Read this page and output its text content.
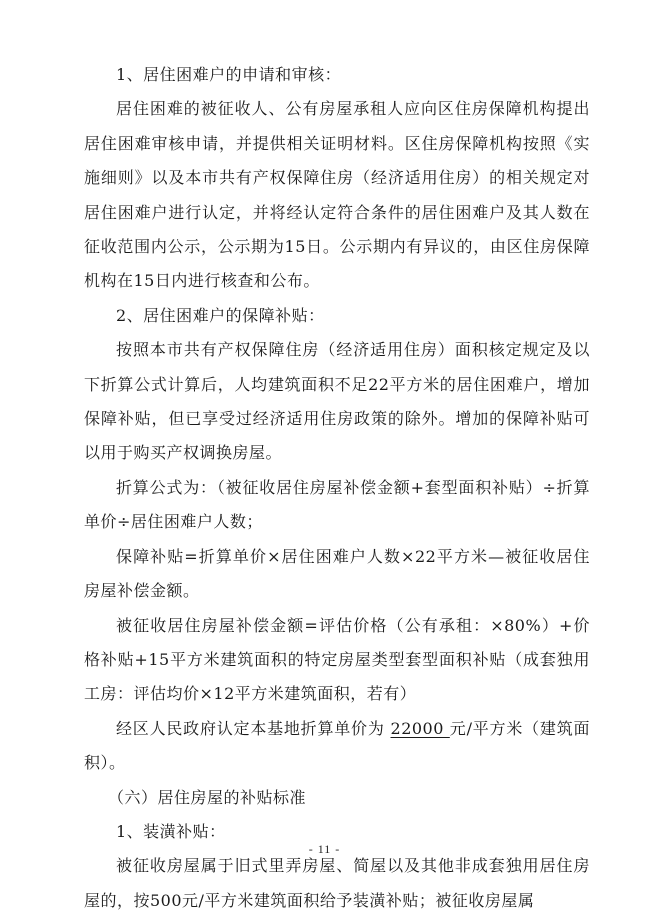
1、居住困难户的申请和审核：

居住困难的被征收人、公有房屋承租人应向区住房保障机构提出居住困难审核申请，并提供相关证明材料。区住房保障机构按照《实施细则》以及本市共有产权保障住房（经济适用住房）的相关规定对居住困难户进行认定，并将经认定符合条件的居住困难户及其人数在征收范围内公示，公示期为15日。公示期内有异议的，由区住房保障机构在15日内进行核查和公布。

2、居住困难户的保障补贴：

按照本市共有产权保障住房（经济适用住房）面积核定规定及以下折算公式计算后，人均建筑面积不足22平方米的居住困难户，增加保障补贴，但已享受过经济适用住房政策的除外。增加的保障补贴可以用于购买产权调换房屋。

折算公式为：（被征收居住房屋补偿金额+套型面积补贴）÷折算单价÷居住困难户人数；

保障补贴=折算单价×居住困难户人数×22平方米—被征收居住房屋补偿金额。

被征收居住房屋补偿金额=评估价格（公有承租：×80%）+价格补贴+15平方米建筑面积的特定房屋类型套型面积补贴（成套独用工房：评估均价×12平方米建筑面积，若有）

经区人民政府认定本基地折算单价为 22000 元/平方米（建筑面积）。

（六）居住房屋的补贴标准

1、装潢补贴：

被征收房屋属于旧式里弄房屋、简屋以及其他非成套独用居住房屋的，按500元/平方米建筑面积给予装潢补贴；被征收房屋属

- 11 -
